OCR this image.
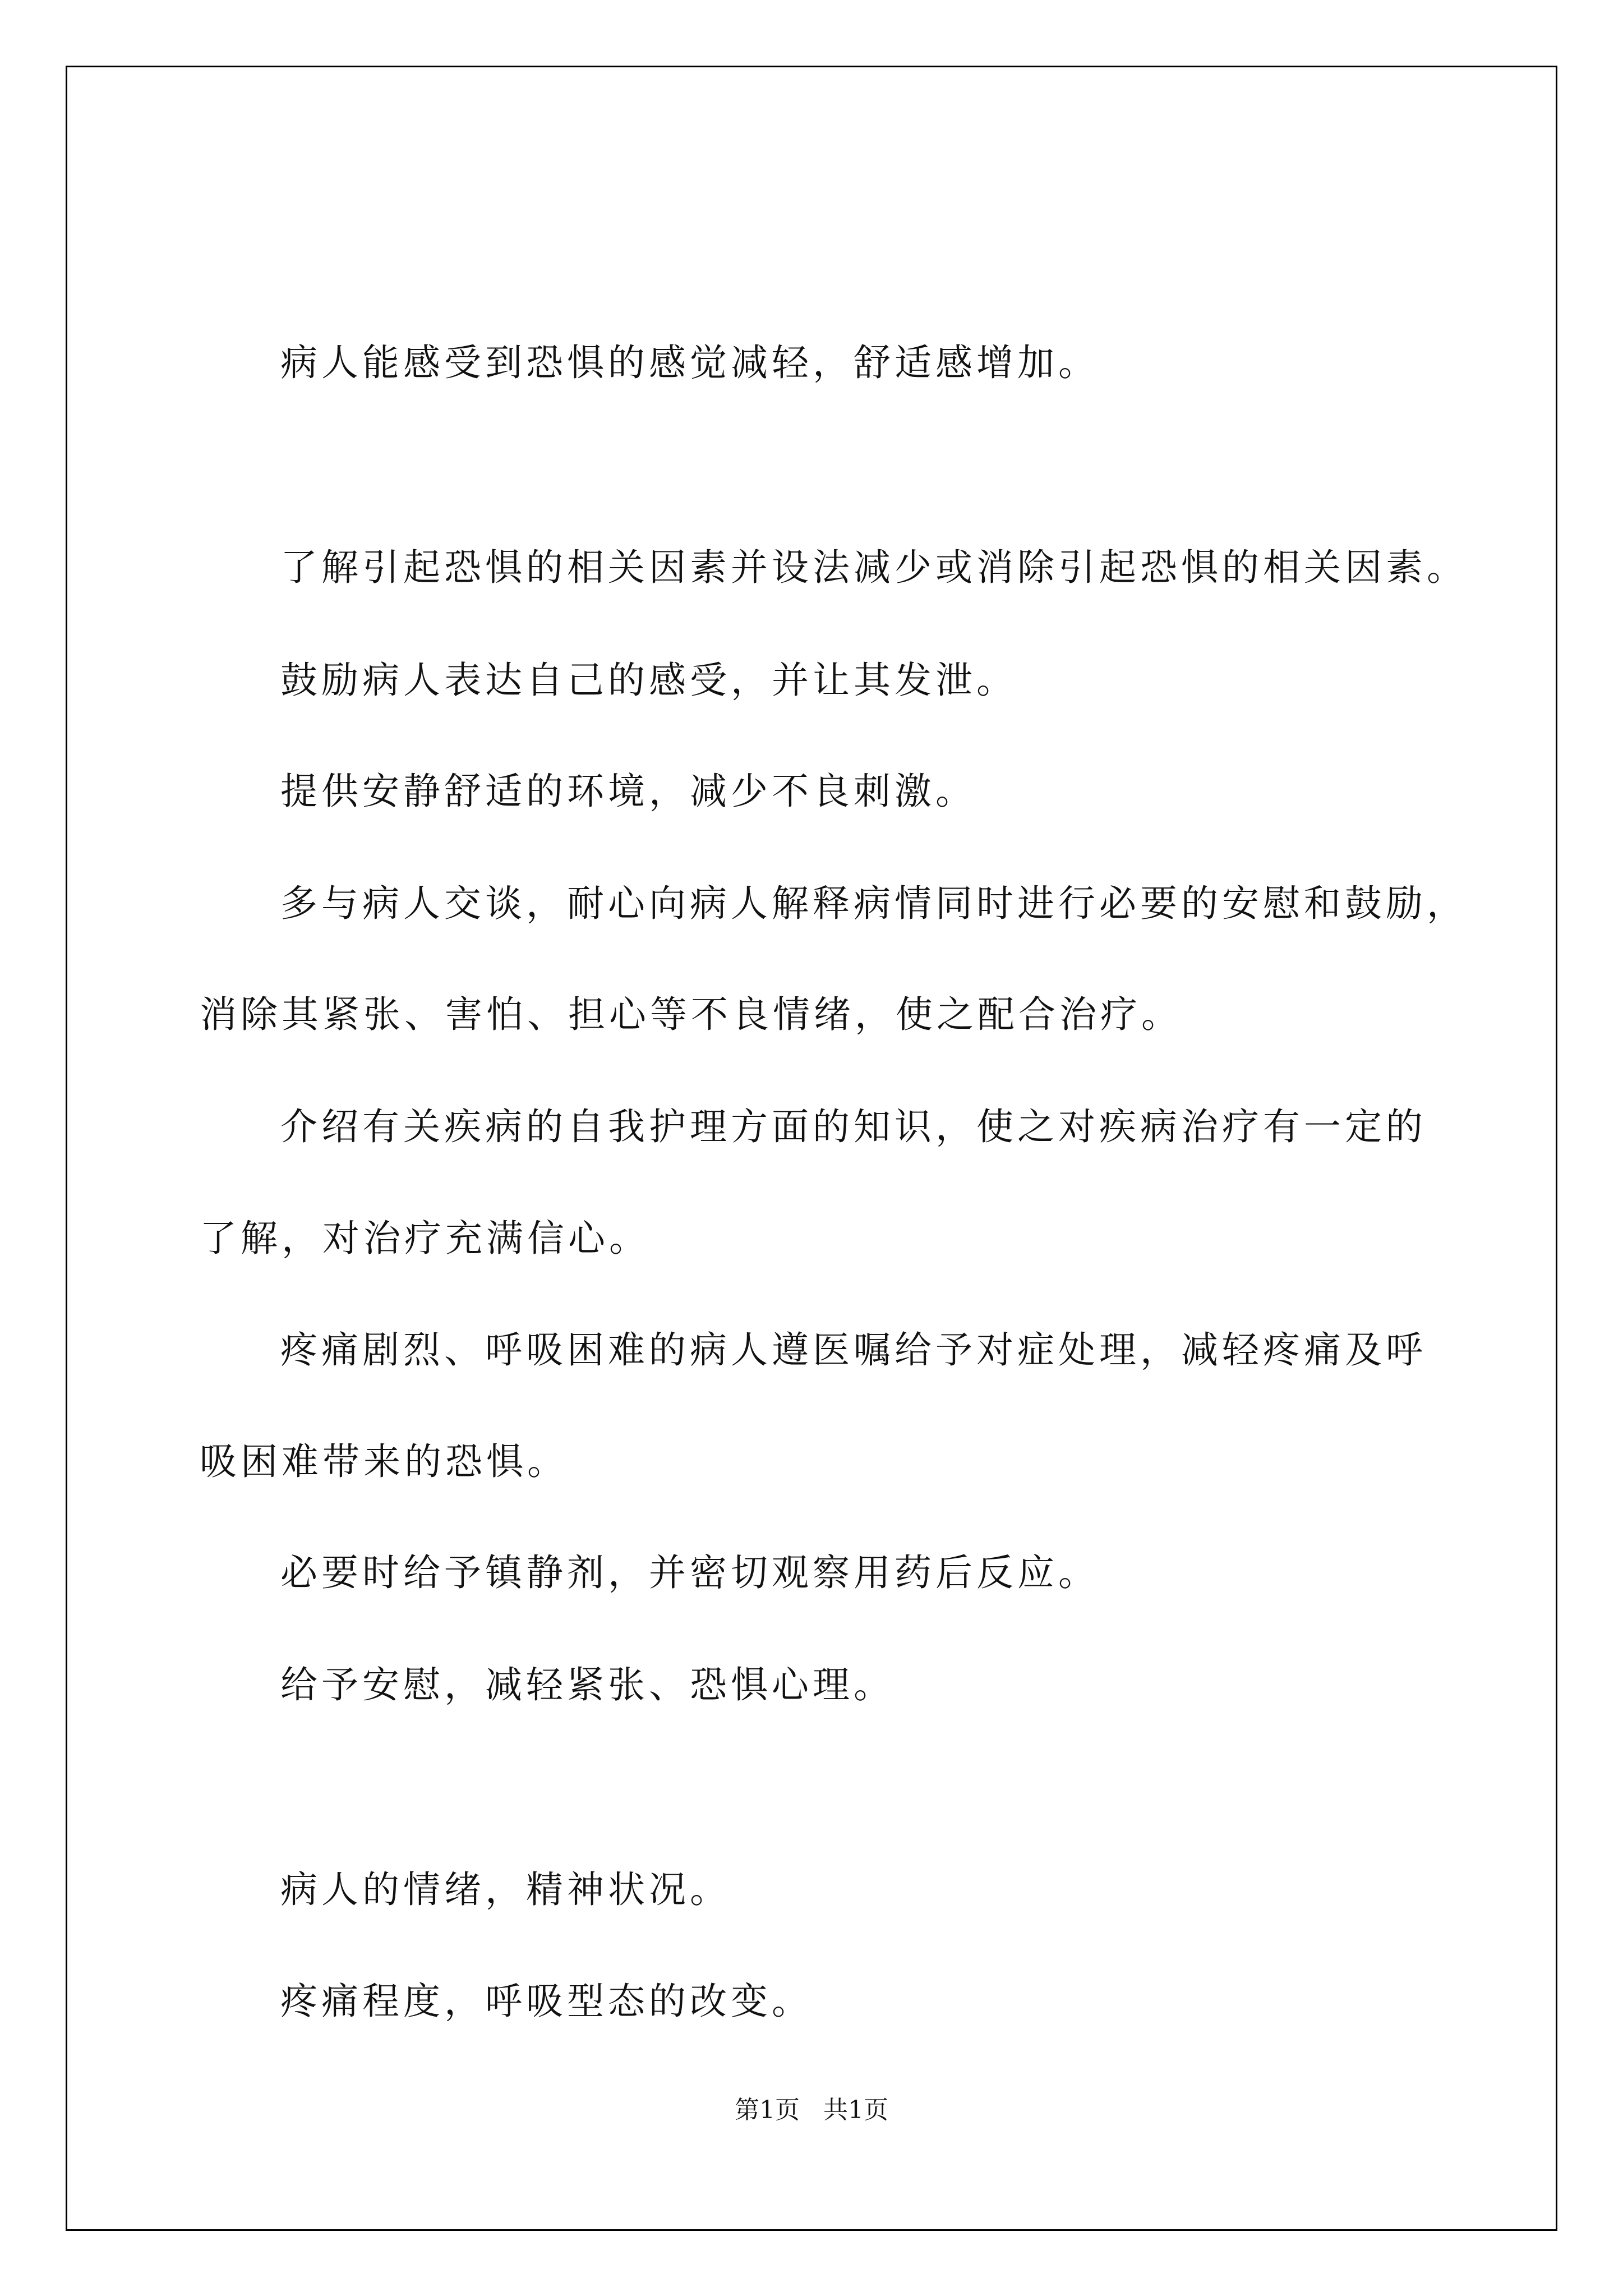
病人能感受到恐惧的感觉减轻，舒适感增加。
了解引起恐惧的相关因素并设法减少或消除引起恐惧的相关因素。
鼓励病人表达自己的感受，并让其发泄。
提供安静舒适的环境，减少不良刺激。
多与病人交谈，耐心向病人解释病情同时进行必要的安慰和鼓励，
消除其紧张、害怕、担心等不良情绪，使之配合治疗。
介绍有关疾病的自我护理方面的知识，使之对疾病治疗有一定的
了解，对治疗充满信心。
疼痛剧烈、呼吸困难的病人遵医嘱给予对症处理，减轻疼痛及呼
吸困难带来的恐惧。
必要时给予镇静剂，并密切观察用药后反应。
给予安慰，减轻紧张、恐惧心理。
病人的情绪，精神状况。
疼痛程度，呼吸型态的改变。
第1页   共1页
